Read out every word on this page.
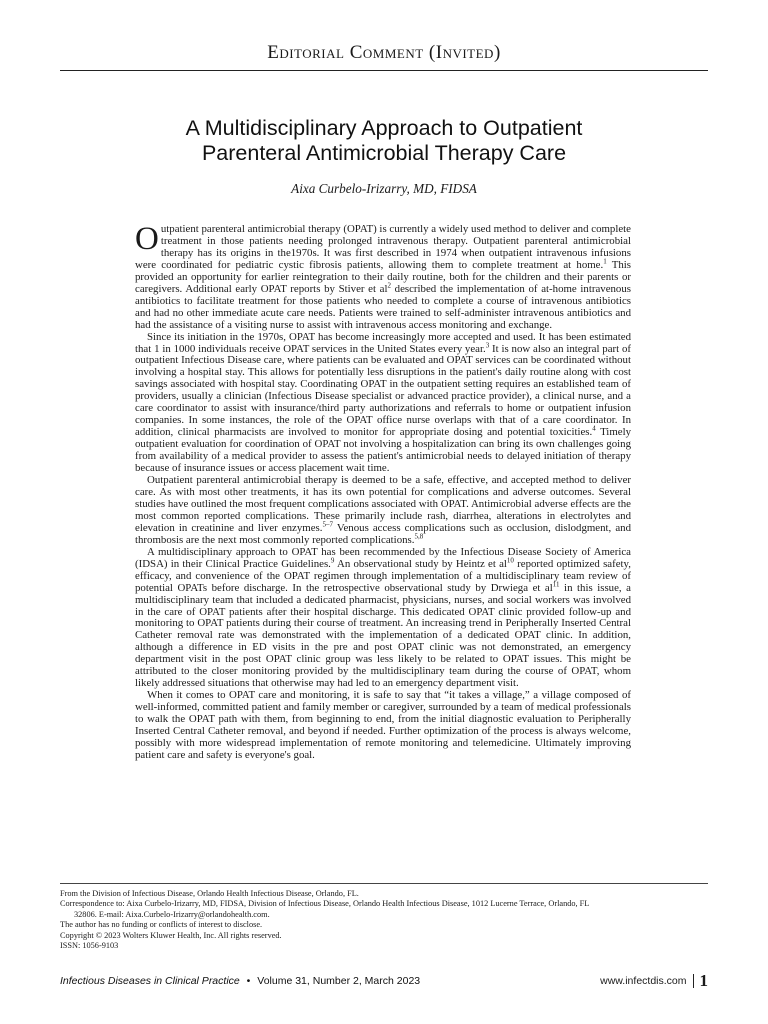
Editorial Comment (Invited)
A Multidisciplinary Approach to Outpatient
Parenteral Antimicrobial Therapy Care
Aixa Curbelo-Irizarry, MD, FIDSA

Outpatient parenteral antimicrobial therapy (OPAT) is currently a widely used method to deliver and complete treatment in those patients needing prolonged intravenous therapy. Outpatient parenteral antimicrobial therapy has its origins in the1970s. It was first described in 1974 when outpatient intravenous infusions were coordinated for pediatric cystic fibrosis patients, allowing them to complete treatment at home.$^1$ This provided an opportunity for earlier reintegration to their daily routine, both for the children and their parents or caregivers. Additional early OPAT reports by Stiver et $al^2$ described the implementation of at-home intravenous antibiotics to facilitate treatment for those patients who needed to complete a course of intravenous antibiotics and had no other immediate acute care needs. Patients were trained to self-administer intravenous antibiotics and had the assistance of a visiting nurse to assist with intravenous access monitoring and exchange.

Since its initiation in the 1970s, OPAT has become increasingly more accepted and used. It has been estimated that 1 in 1000 individuals receive OPAT services in the United States every year.$^3$ It is now also an integral part of outpatient Infectious Disease care, where patients can be evaluated and OPAT services can be coordinated without involving a hospital stay. This allows for potentially less disruptions in the patient's daily routine along with cost savings associated with hospital stay. Coordinating OPAT in the outpatient setting requires an established team of providers, usually a clinician (Infectious Disease specialist or advanced practice provider), a clinical nurse, and a care coordinator to assist with insurance/third party authorizations and referrals to home or outpatient infusion companies. In some instances, the role of the OPAT office nurse overlaps with that of a care coordinator. In addition, clinical pharmacists are involved to monitor for appropriate dosing and potential toxicities.$^4$ Timely outpatient evaluation for coordination of OPAT not involving a hospitalization can bring its own challenges going from availability of a medical provider to assess the patient's antimicrobial needs to delayed initiation of therapy because of insurance issues or access placement wait time.

Outpatient parenteral antimicrobial therapy is deemed to be a safe, effective, and accepted method to deliver care. As with most other treatments, it has its own potential for complications and adverse outcomes. Several studies have outlined the most frequent complications associated with OPAT. Antimicrobial adverse effects are the most common reported complications. These primarily include rash, diarrhea, alterations in electrolytes and elevation in creatinine and liver enzymes.$^{5-7}$ Venous access complications such as occlusion, dislodgment, and thrombosis are the next most commonly reported complications.$^{5,8}$

A multidisciplinary approach to OPAT has been recommended by the Infectious Disease Society of America (IDSA) in their Clinical Practice Guidelines.$^9$ An observational study by Heintz et $al^{10}$ reported optimized safety, efficacy, and convenience of the OPAT regimen through implementation of a multidisciplinary team review of potential OPATs before discharge. In the retrospective observational study by Drwiega et $al^{11}$ in this issue, a multidisciplinary team that included a dedicated pharmacist, physicians, nurses, and social workers was involved in the care of OPAT patients after their hospital discharge. This dedicated OPAT clinic provided follow-up and monitoring to OPAT patients during their course of treatment. An increasing trend in Peripherally Inserted Central Catheter removal rate was demonstrated with the implementation of a dedicated OPAT clinic. In addition, although a difference in ED visits in the pre and post OPAT clinic was not demonstrated, an emergency department visit in the post OPAT clinic group was less likely to be related to OPAT issues. This might be attributed to the closer monitoring provided by the multidisciplinary team during the course of OPAT, whom likely addressed situations that otherwise may had led to an emergency department visit.

When it comes to OPAT care and monitoring, it is safe to say that “it takes a village,” a village composed of well-informed, committed patient and family member or caregiver, surrounded by a team of medical professionals to walk the OPAT path with them, from beginning to end, from the initial diagnostic evaluation to Peripherally Inserted Central Catheter removal, and beyond if needed. Further optimization of the process is always welcome, possibly with more widespread implementation of remote monitoring and telemedicine. Ultimately improving patient care and safety is everyone's goal.

From the Division of Infectious Disease, Orlando Health Infectious Disease, Orlando, FL.
Correspondence to: Aixa Curbelo-Irizarry, MD, FIDSA, Division of Infectious Disease, Orlando Health Infectious Disease, 1012 Lucerne Terrace, Orlando, FL
32806. E-mail: Aixa.Curbelo-Irizarry@orlandohealth.com.
The author has no funding or conflicts of interest to disclose.
Copyright © 2023 Wolters Kluwer Health, Inc. All rights reserved.
ISSN: 1056-9103
Infectious Diseases in Clinical Practice • Volume 31, Number 2, March 2023	www.infectdis.com 1
